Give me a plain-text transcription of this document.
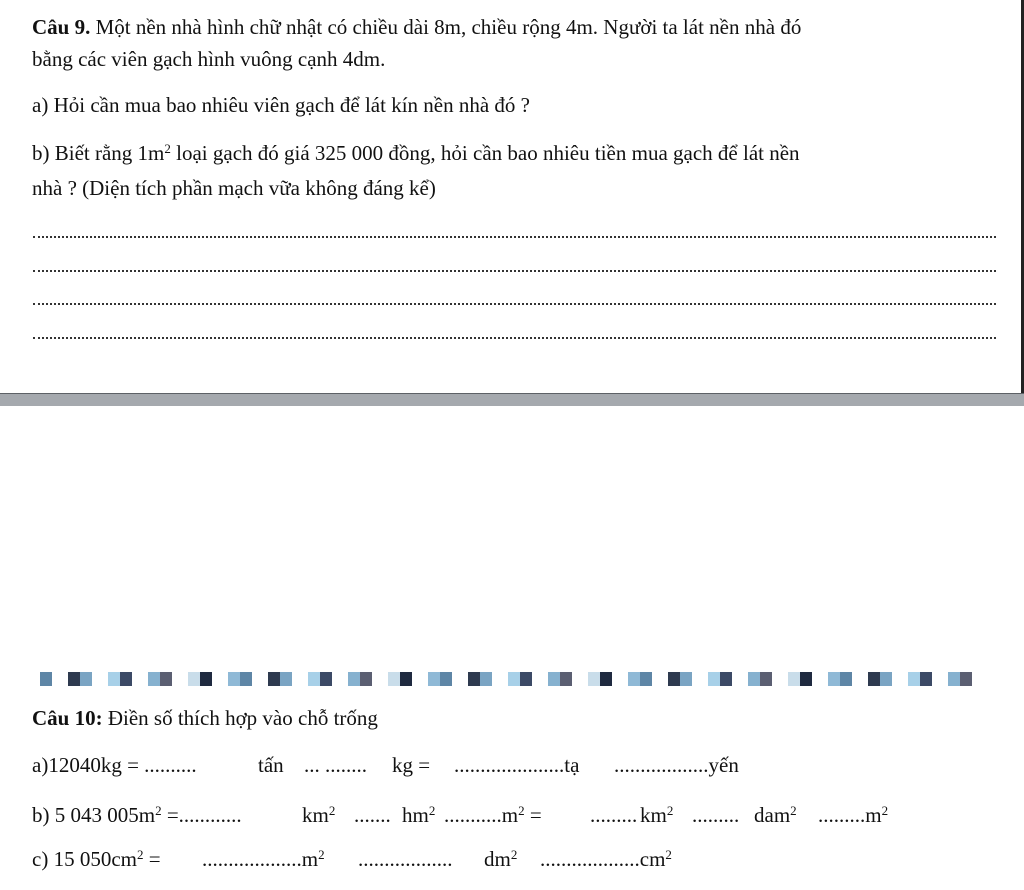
Câu 9. Một nền nhà hình chữ nhật có chiều dài 8m, chiều rộng 4m. Người ta lát nền nhà đó
bằng các viên gạch hình vuông cạnh 4dm.
a) Hỏi cần mua bao nhiêu viên gạch để lát kín nền nhà đó ?
b) Biết rằng $1m^2$ loại gạch đó giá 325 000 đồng, hỏi cần bao nhiêu tiền mua gạch để lát nền
nhà ? (Diện tích phần mạch vữa không đáng kể)
Câu 10: Điền số thích hợp vào chỗ trống
a)12040kg = ..........	tấn ... ........ kg = .....................tạ ..................yến
b) 5 043 $005m^2$ =............	$km^2$ ....... $hm^2$ $...........m^2$ = ......... $km^2$ ......... dam$^2$ $.........m^2$
c) 15 $050cm^2 = ...................m^2$ .................. $dm^2$ $...................cm^2$
